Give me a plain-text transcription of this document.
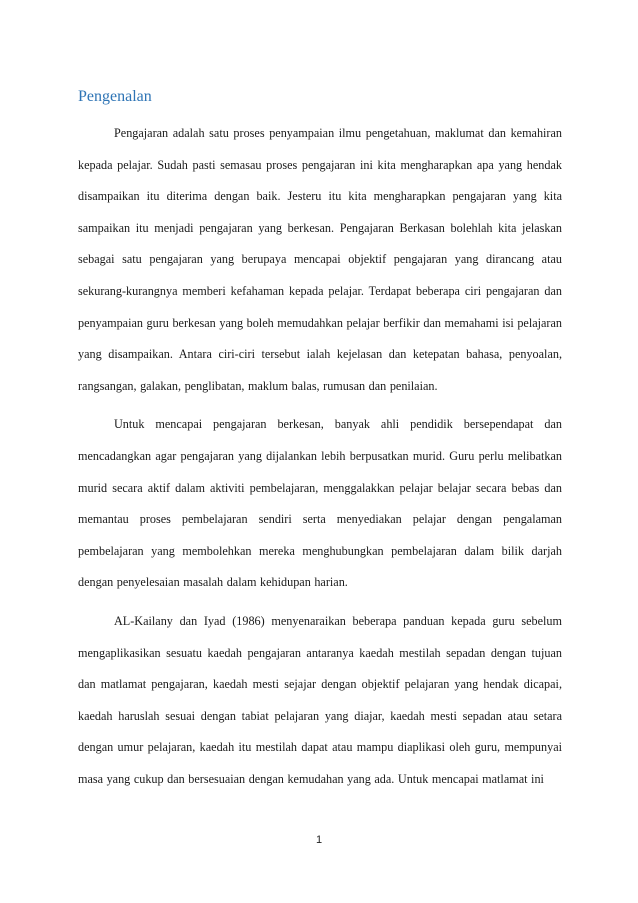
Pengenalan

Pengajaran adalah satu proses penyampaian ilmu pengetahuan, maklumat dan kemahiran kepada pelajar. Sudah pasti semasau proses pengajaran ini kita mengharapkan apa yang hendak disampaikan itu diterima dengan baik. Jesteru itu kita mengharapkan pengajaran yang kita sampaikan itu menjadi pengajaran yang berkesan. Pengajaran Berkasan bolehlah kita jelaskan sebagai satu pengajaran yang berupaya mencapai objektif pengajaran yang dirancang atau sekurang-kurangnya memberi kefahaman kepada pelajar. Terdapat beberapa ciri pengajaran dan penyampaian guru berkesan yang boleh memudahkan pelajar berfikir dan memahami isi pelajaran yang disampaikan. Antara ciri-ciri tersebut ialah kejelasan dan ketepatan bahasa, penyoalan, rangsangan, galakan, penglibatan, maklum balas, rumusan dan penilaian.

Untuk mencapai pengajaran berkesan, banyak ahli pendidik bersependapat dan mencadangkan agar pengajaran yang dijalankan lebih berpusatkan murid. Guru perlu melibatkan murid secara aktif dalam aktiviti pembelajaran, menggalakkan pelajar belajar secara bebas dan memantau proses pembelajaran sendiri serta menyediakan pelajar dengan pengalaman pembelajaran yang membolehkan mereka menghubungkan pembelajaran dalam bilik darjah dengan penyelesaian masalah dalam kehidupan harian.

AL-Kailany dan Iyad (1986) menyenaraikan beberapa panduan kepada guru sebelum mengaplikasikan sesuatu kaedah pengajaran antaranya kaedah mestilah sepadan dengan tujuan dan matlamat pengajaran, kaedah mesti sejajar dengan objektif pelajaran yang hendak dicapai, kaedah haruslah sesuai dengan tabiat pelajaran yang diajar, kaedah mesti sepadan atau setara dengan umur pelajaran, kaedah itu mestilah dapat atau mampu diaplikasi oleh guru, mempunyai masa yang cukup dan bersesuaian dengan kemudahan yang ada. Untuk mencapai matlamat ini

1
